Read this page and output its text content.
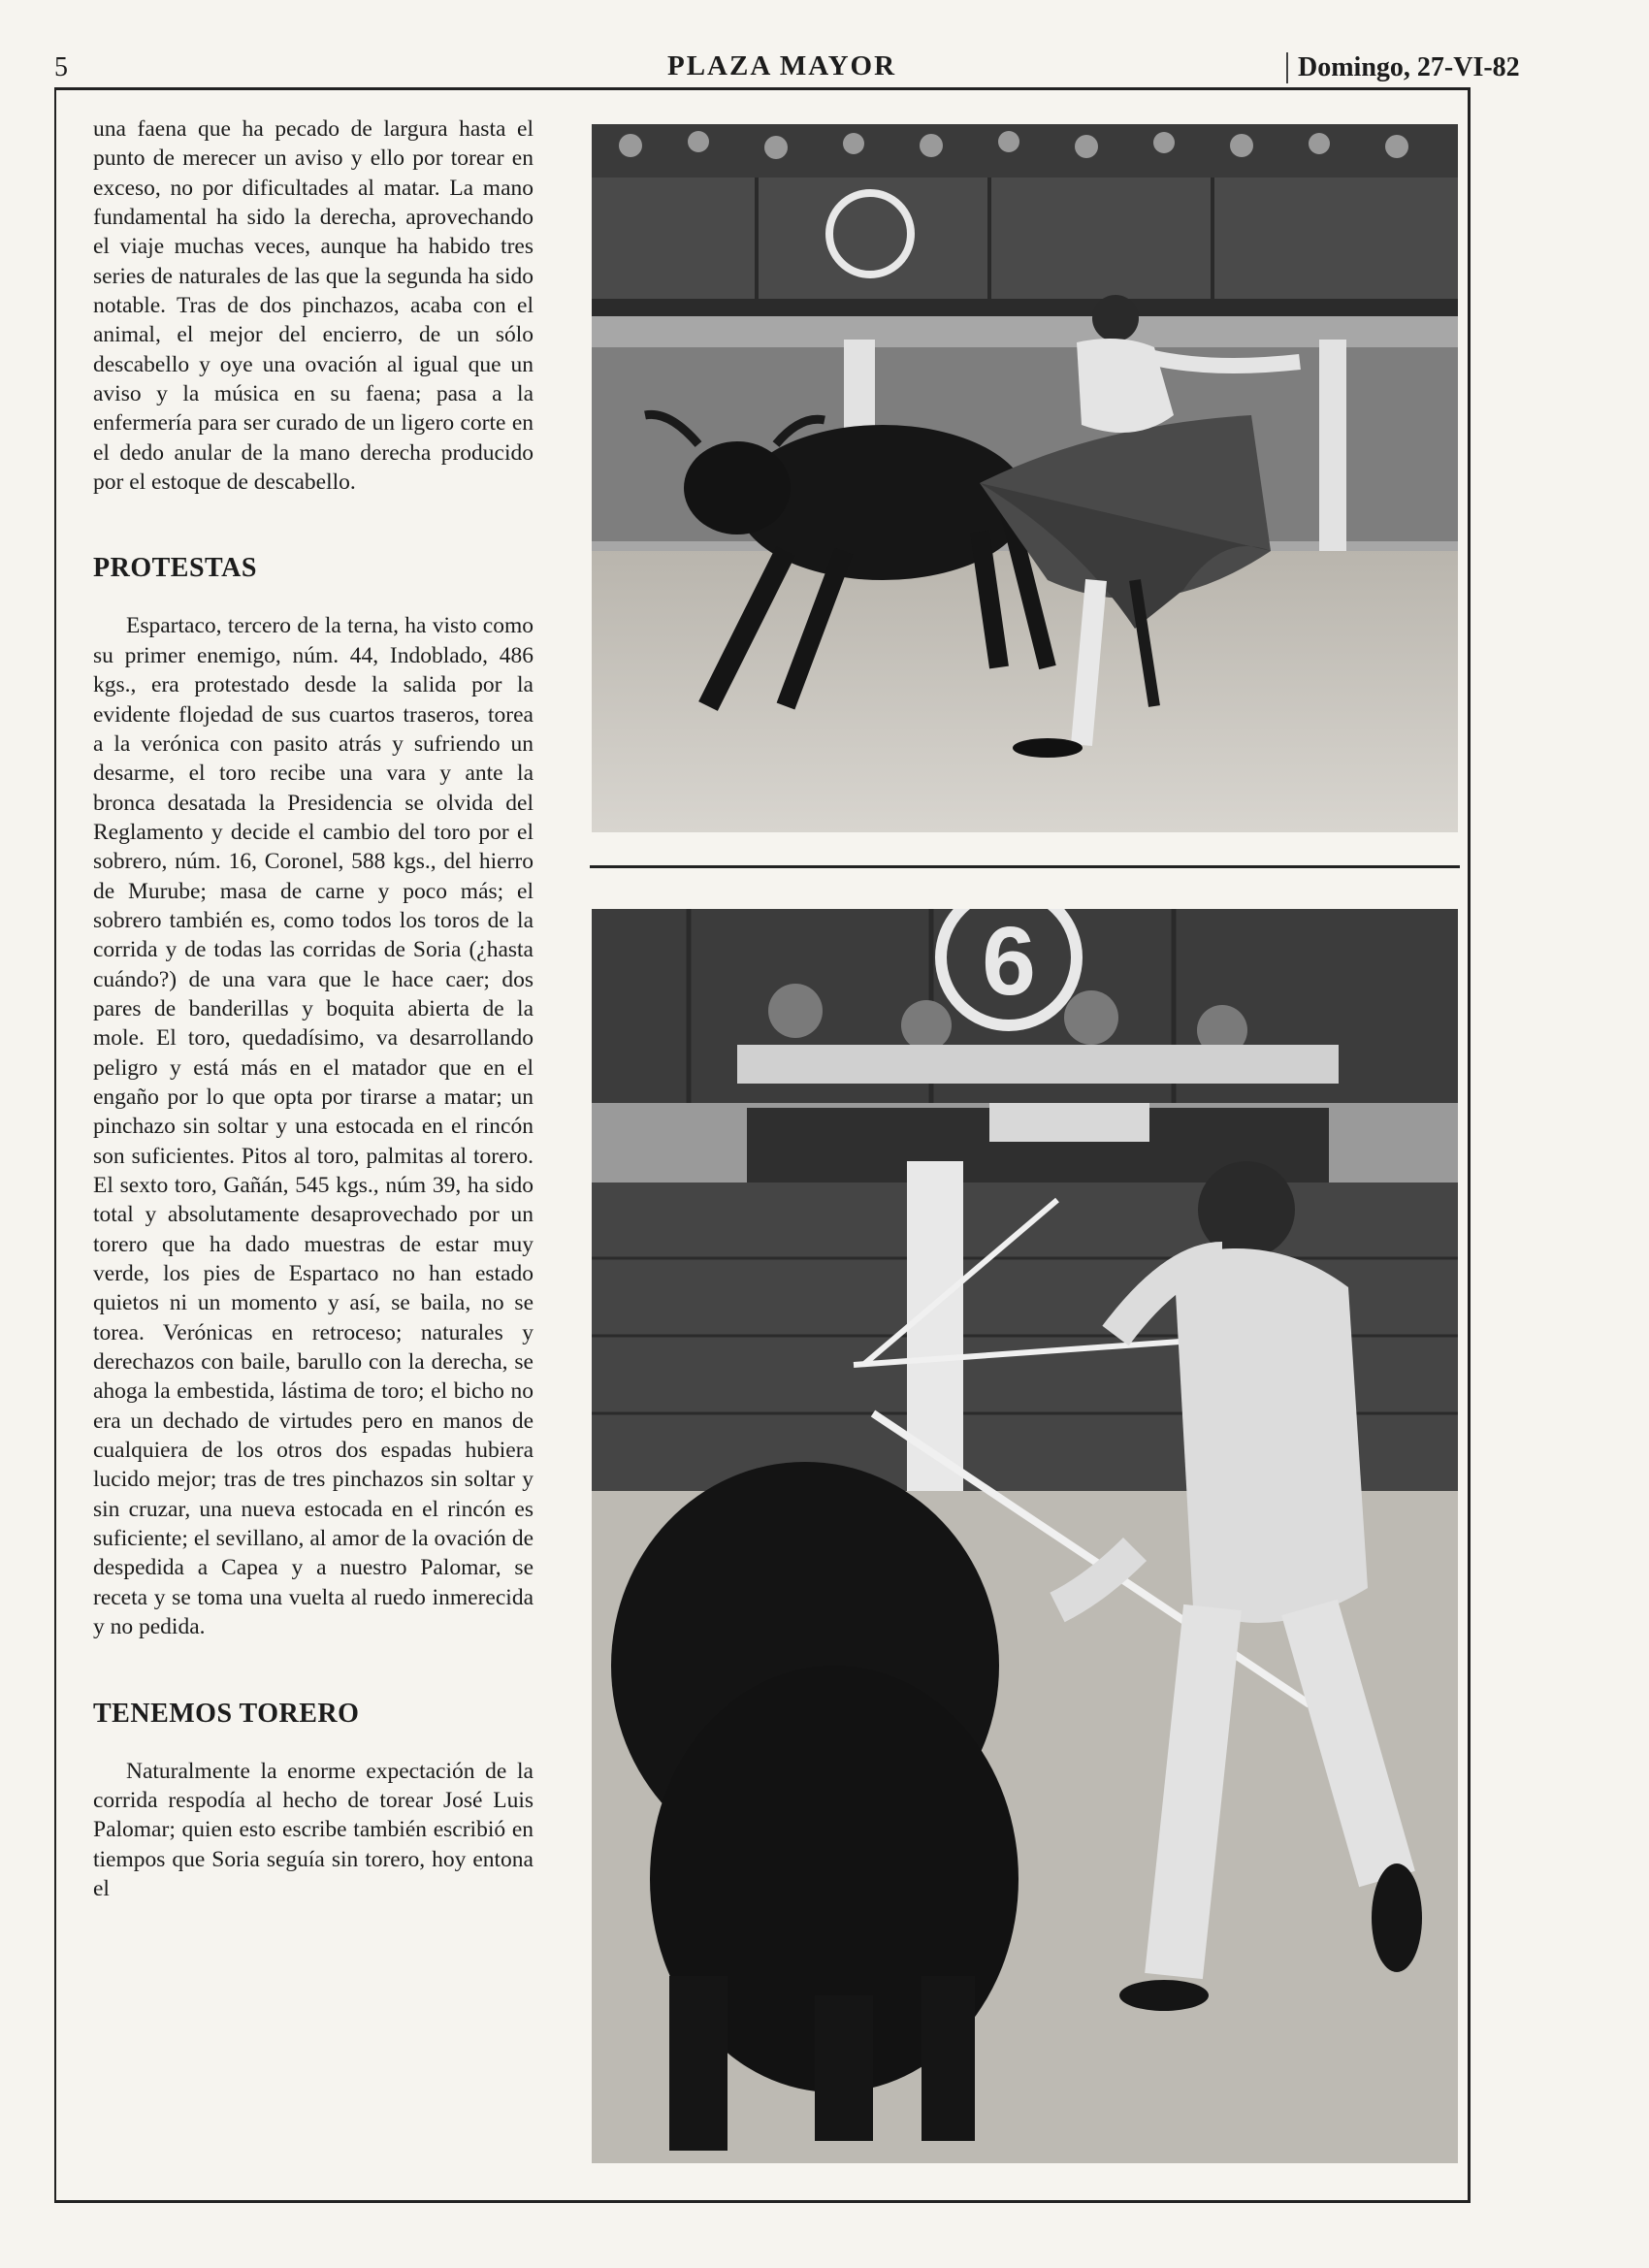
5	PLAZA MAYOR	Domingo, 27-VI-82

una faena que ha pecado de largura hasta el punto de merecer un aviso y ello por torear en exceso, no por dificultades al matar. La mano fundamental ha sido la derecha, aprovechando el viaje muchas veces, aunque ha habido tres series de naturales de las que la segunda ha sido notable. Tras de dos pinchazos, acaba con el animal, el mejor del encierro, de un sólo descabello y oye una ovación al igual que un aviso y la música en su faena; pasa a la enfermería para ser curado de un ligero corte en el dedo anular de la mano derecha producido por el estoque de descabello.

PROTESTAS

Espartaco, tercero de la terna, ha visto como su primer enemigo, núm. 44, Indoblado, 486 kgs., era protestado desde la salida por la evidente flojedad de sus cuartos traseros, torea a la verónica con pasito atrás y sufriendo un desarme, el toro recibe una vara y ante la bronca desatada la Presidencia se olvida del Reglamento y decide el cambio del toro por el sobrero, núm. 16, Coronel, 588 kgs., del hierro de Murube; masa de carne y poco más; el sobrero también es, como todos los toros de la corrida y de todas las corridas de Soria (¿hasta cuándo?) de una vara que le hace caer; dos pares de banderillas y boquita abierta de la mole. El toro, quedadísimo, va desarrollando peligro y está más en el matador que en el engaño por lo que opta por tirarse a matar; un pinchazo sin soltar y una estocada en el rincón son suficientes. Pitos al toro, palmitas al torero. El sexto toro, Gañán, 545 kgs., núm 39, ha sido total y absolutamente desaprovechado por un torero que ha dado muestras de estar muy verde, los pies de Espartaco no han estado quietos ni un momento y así, se baila, no se torea. Verónicas en retroceso; naturales y derechazos con baile, barullo con la derecha, se ahoga la embestida, lástima de toro; el bicho no era un dechado de virtudes pero en manos de cualquiera de los otros dos espadas hubiera lucido mejor; tras de tres pinchazos sin soltar y sin cruzar, una nueva estocada en el rincón es suficiente; el sevillano, al amor de la ovación de despedida a Capea y a nuestro Palomar, se receta y se toma una vuelta al ruedo inmerecida y no pedida.

TENEMOS TORERO

Naturalmente la enorme expectación de la corrida respodía al hecho de torear José Luis Palomar; quien esto escribe también escribió en tiempos que Soria seguía sin torero, hoy entona el

6
